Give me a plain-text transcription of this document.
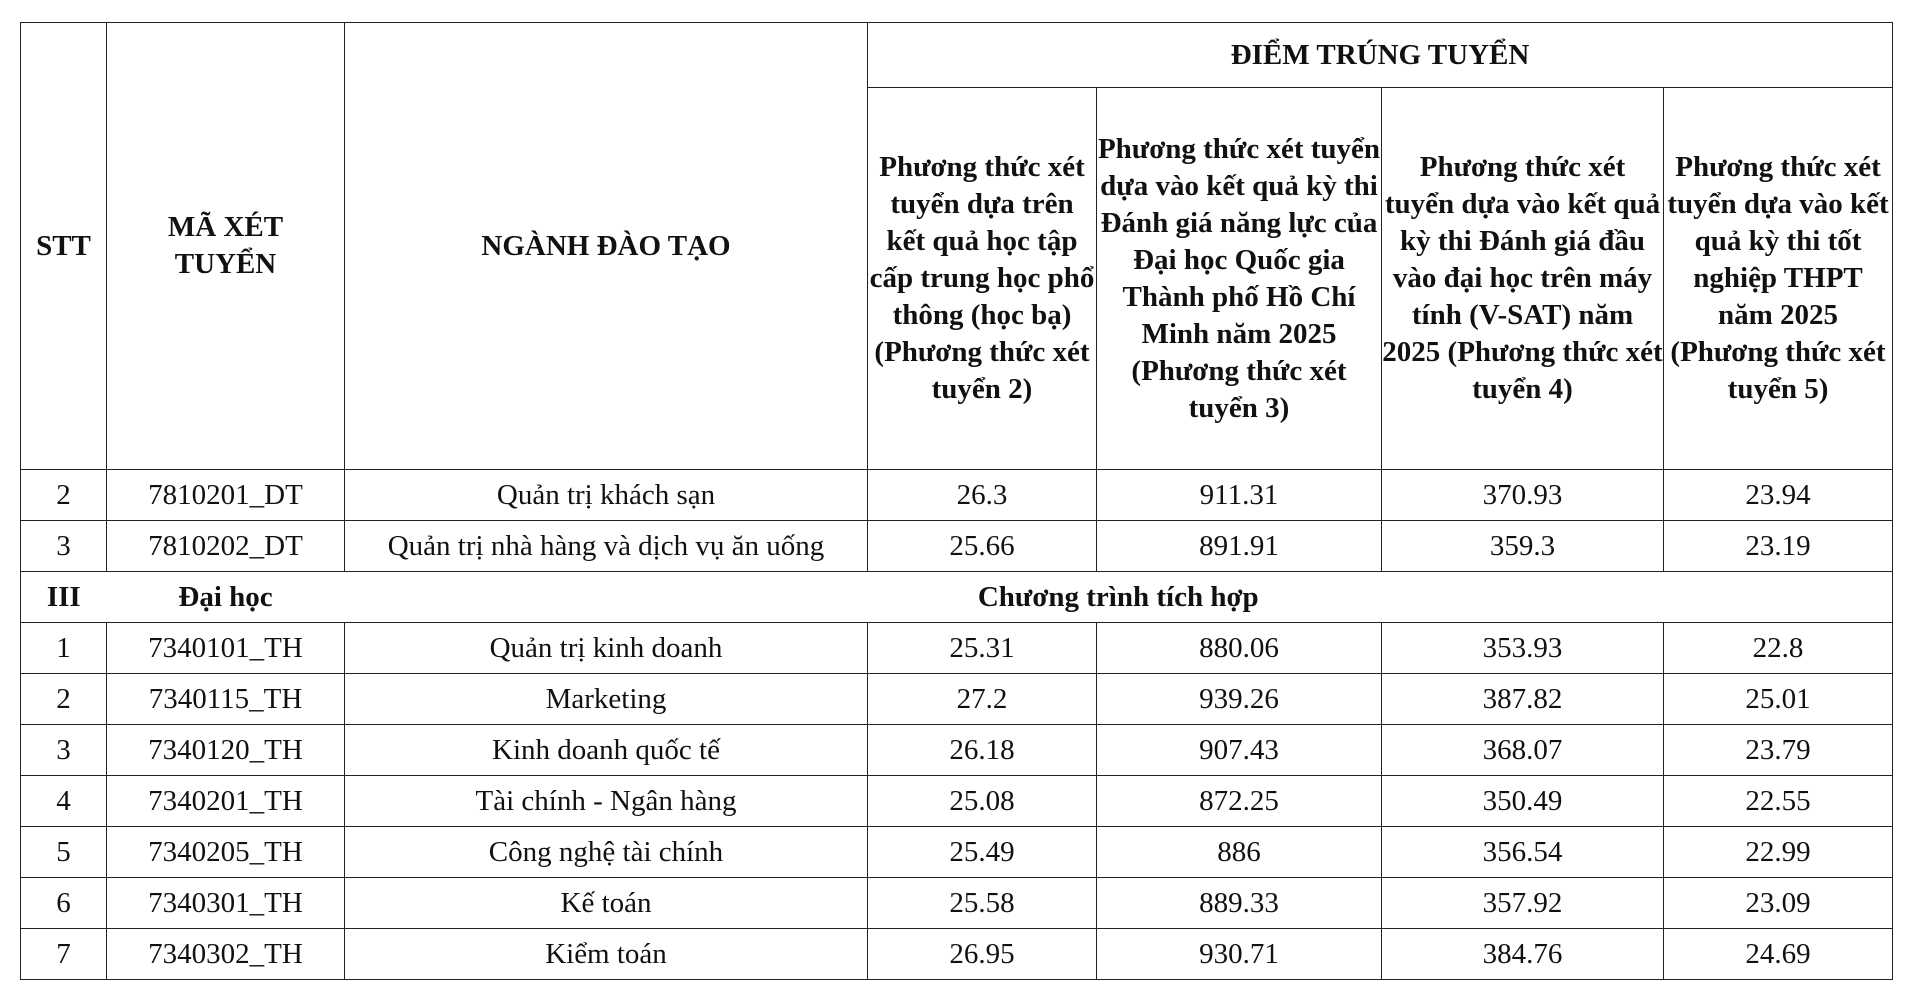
STT	MÃ XÉT TUYỂN	NGÀNH ĐÀO TẠO	ĐIỂM TRÚNG TUYỂN			
			Phương thức xét tuyển dựa trên kết quả học tập cấp trung học phổ thông (học bạ) (Phương thức xét tuyển 2)	Phương thức xét tuyển dựa vào kết quả kỳ thi Đánh giá năng lực của Đại học Quốc gia Thành phố Hồ Chí Minh năm 2025 (Phương thức xét tuyển 3)	Phương thức xét tuyển dựa vào kết quả kỳ thi Đánh giá đầu vào đại học trên máy tính (V-SAT) năm 2025 (Phương thức xét tuyển 4)	Phương thức xét tuyển dựa vào kết quả kỳ thi tốt nghiệp THPT năm 2025 (Phương thức xét tuyển 5)
2	7810201_DT	Quản trị khách sạn	26.3	911.31	370.93	23.94
3	7810202_DT	Quản trị nhà hàng và dịch vụ ăn uống	25.66	891.91	359.3	23.19
III	Đại học	Chương trình tích hợp				
1	7340101_TH	Quản trị kinh doanh	25.31	880.06	353.93	22.8
2	7340115_TH	Marketing	27.2	939.26	387.82	25.01
3	7340120_TH	Kinh doanh quốc tế	26.18	907.43	368.07	23.79
4	7340201_TH	Tài chính - Ngân hàng	25.08	872.25	350.49	22.55
5	7340205_TH	Công nghệ tài chính	25.49	886	356.54	22.99
6	7340301_TH	Kế toán	25.58	889.33	357.92	23.09
7	7340302_TH	Kiểm toán	26.95	930.71	384.76	24.69
